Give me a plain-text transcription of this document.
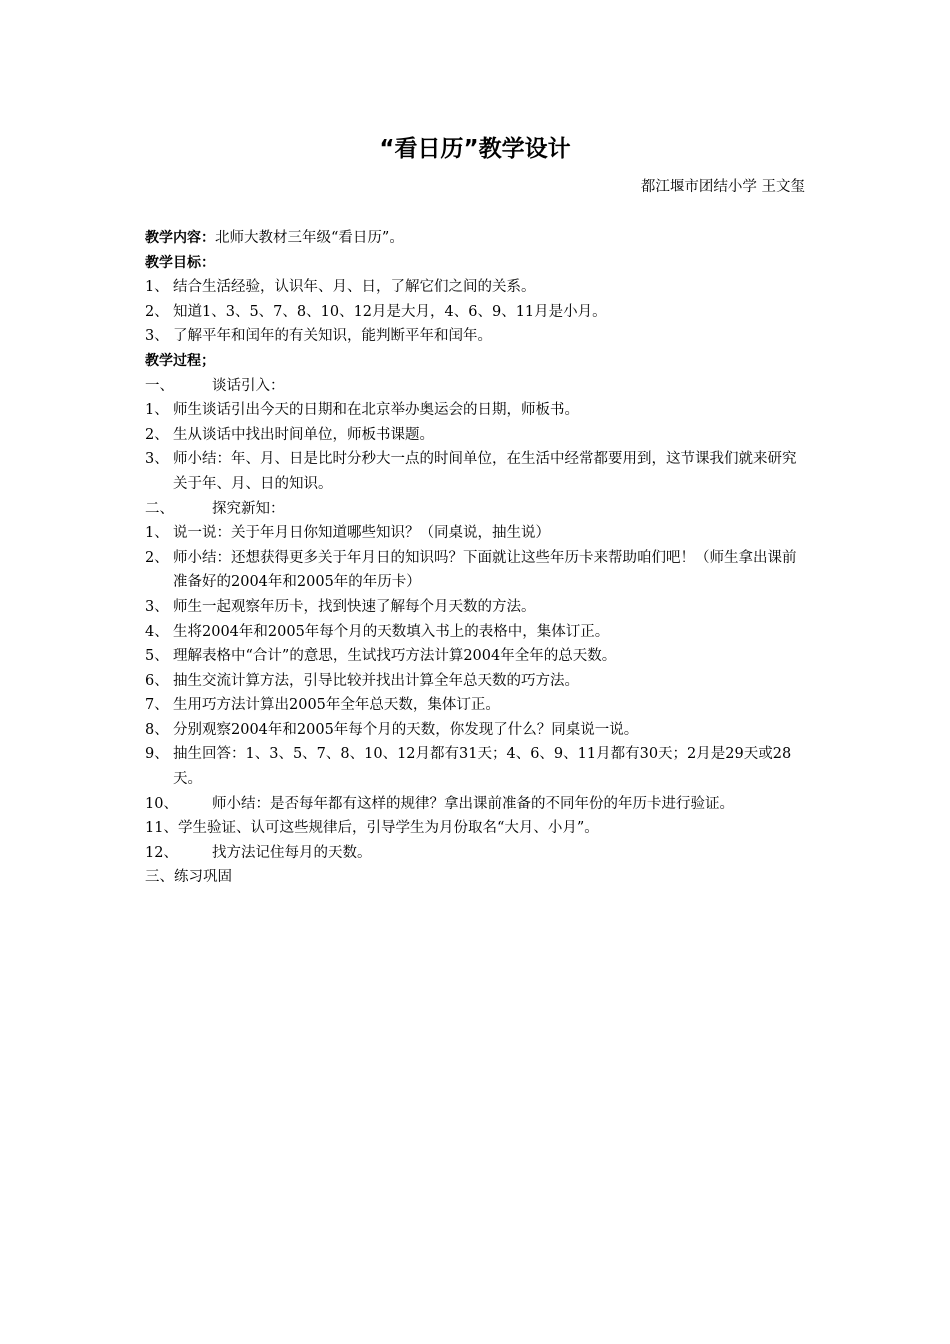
“看日历”教学设计
都江堰市团结小学 王文玺
教学内容：北师大教材三年级“看日历”。
教学目标：
1、 结合生活经验，认识年、月、日，了解它们之间的关系。
2、 知道1、3、5、7、8、10、12月是大月，4、6、9、11月是小月。
3、 了解平年和闰年的有关知识，能判断平年和闰年。
教学过程；
一、	谈话引入：
1、 师生谈话引出今天的日期和在北京举办奥运会的日期，师板书。
2、 生从谈话中找出时间单位，师板书课题。
3、 师小结：年、月、日是比时分秒大一点的时间单位，在生活中经常都要用到，这节课我们就来研究关于年、月、日的知识。
二、	探究新知：
1、 说一说：关于年月日你知道哪些知识？（同桌说，抽生说）
2、 师小结：还想获得更多关于年月日的知识吗？下面就让这些年历卡来帮助咱们吧！（师生拿出课前准备好的2004年和2005年的年历卡）
3、 师生一起观察年历卡，找到快速了解每个月天数的方法。
4、 生将2004年和2005年每个月的天数填入书上的表格中，集体订正。
5、 理解表格中“合计”的意思，生试找巧方法计算2004年全年的总天数。
6、 抽生交流计算方法，引导比较并找出计算全年总天数的巧方法。
7、 生用巧方法计算出2005年全年总天数，集体订正。
8、 分别观察2004年和2005年每个月的天数，你发现了什么？同桌说一说。
9、 抽生回答：1、3、5、7、8、10、12月都有31天；4、6、9、11月都有30天；2月是29天或28天。
10、	师小结：是否每年都有这样的规律？拿出课前准备的不同年份的年历卡进行验证。
11、 学生验证、认可这些规律后，引导学生为月份取名“大月、小月”。
12、	找方法记住每月的天数。
三、练习巩固
